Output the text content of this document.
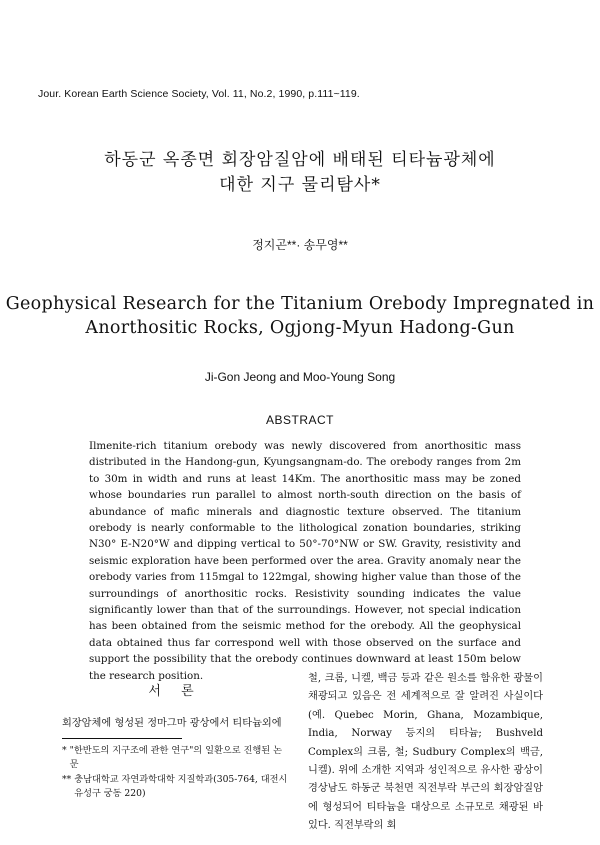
Jour. Korean Earth Science Society, Vol. 11, No.2, 1990, p.111~119.
하동군 옥종면 회장암질암에 배태된 티타늄광체에
대한 지구 물리탐사*
정지곤**· 송무영**
Geophysical Research for the Titanium Orebody Impregnated in
Anorthositic Rocks, Ogjong-Myun Hadong-Gun
Ji-Gon Jeong and Moo-Young Song
ABSTRACT

Ilmenite-rich titanium orebody was newly discovered from anorthositic mass distributed in the Handong-gun, Kyungsangnam-do. The orebody ranges from 2m to 30m in width and runs at least 14Km. The anorthositic mass may be zoned whose boundaries run parallel to almost north-south direction on the basis of abundance of mafic minerals and diagnostic texture observed. The titanium orebody is nearly conformable to the lithological zonation boundaries, striking N30° E-N20°W and dipping vertical to 50°-70°NW or SW. Gravity, resistivity and seismic exploration have been performed over the area. Gravity anomaly near the orebody varies from 115mgal to 122mgal, showing higher value than those of the surroundings of anorthositic rocks. Resistivity sounding indicates the value significantly lower than that of the surroundings. However, not special indication has been obtained from the seismic method for the orebody. All the geophysical data obtained thus far correspond well with those observed on the surface and support the possibility that the orebody continues downward at least 150m below the research position.

서 론

회장암체에 형성된 정마그마 광상에서 티타늄외에

* "한반도의 지구조에 관한 연구"의 일환으로 진행된 논문
** 충남대학교 자연과학대학 지질학과(305-764, 대전시 유성구 궁동 220)

철, 크롬, 니켈, 백금 등과 같은 원소를 함유한 광물이 채광되고 있음은 전 세계적으로 잘 알려진 사실이다(예. Quebec Morin, Ghana, Mozambique, India, Norway 등지의 티타늄; Bushveld Complex의 크롬, 철; Sudbury Complex의 백금, 니켈). 위에 소개한 지역과 성인적으로 유사한 광상이 경상남도 하동군 북천면 직전부락 부근의 회장암질암에 형성되어 티타늄을 대상으로 소규모로 채광된 바 있다. 직전부락의 회
